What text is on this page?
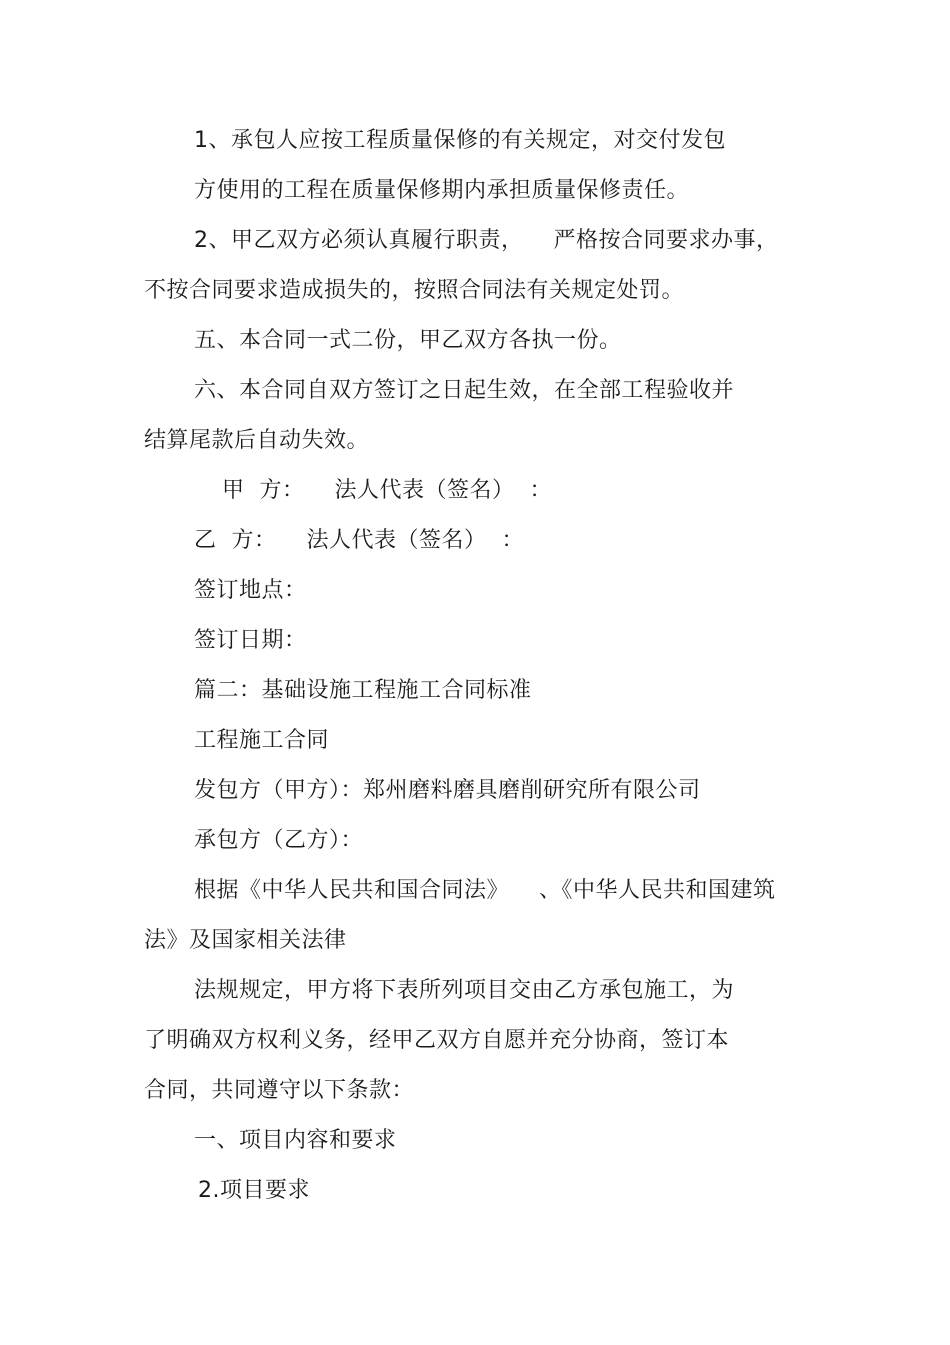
1、承包人应按工程质量保修的有关规定，对交付发包
方使用的工程在质量保修期内承担质量保修责任。
2、甲乙双方必须认真履行职责，    严格按合同要求办事，
不按合同要求造成损失的，按照合同法有关规定处罚。
五、本合同一式二份，甲乙双方各执一份。
六、本合同自双方签订之日起生效，在全部工程验收并
结算尾款后自动失效。
甲  方：    法人代表（签名）  ：
乙  方：    法人代表（签名）  ：
签订地点：
签订日期：
篇二：基础设施工程施工合同标准
工程施工合同
发包方（甲方）：郑州磨料磨具磨削研究所有限公司
承包方（乙方）：
根据《中华人民共和国合同法》    、《中华人民共和国建筑
法》及国家相关法律
法规规定，甲方将下表所列项目交由乙方承包施工，为
了明确双方权利义务，经甲乙双方自愿并充分协商，签订本
合同，共同遵守以下条款：
一、项目内容和要求
2.项目要求
